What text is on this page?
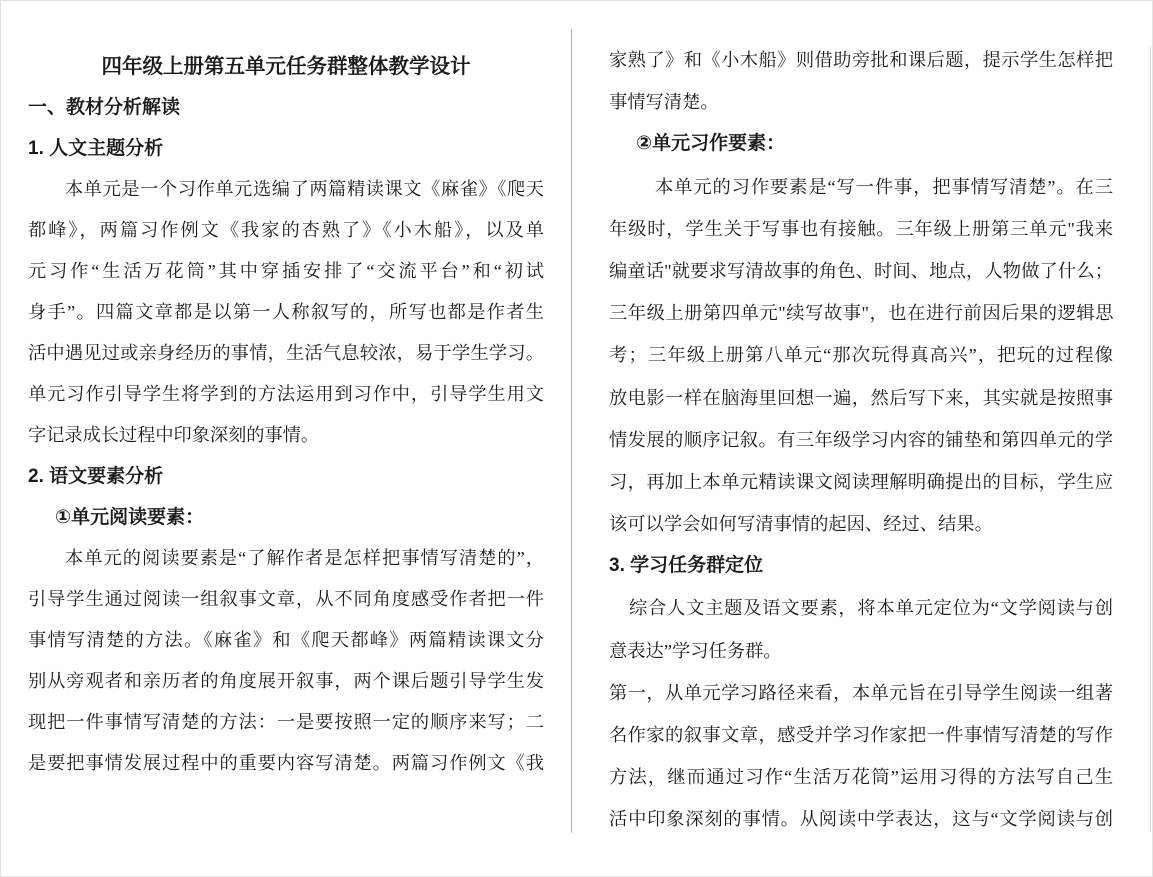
四年级上册第五单元任务群整体教学设计
一、教材分析解读
1. 人文主题分析
本单元是一个习作单元选编了两篇精读课文《麻雀》《爬天
都峰》，两篇习作例文《我家的杏熟了》《小木船》，以及单
元习作“生活万花筒”其中穿插安排了“交流平台”和“初试
身手”。四篇文章都是以第一人称叙写的，所写也都是作者生
活中遇见过或亲身经历的事情，生活气息较浓，易于学生学习。
单元习作引导学生将学到的方法运用到习作中，引导学生用文
字记录成长过程中印象深刻的事情。
2. 语文要素分析
①单元阅读要素：
本单元的阅读要素是“了解作者是怎样把事情写清楚的”，
引导学生通过阅读一组叙事文章，从不同角度感受作者把一件
事情写清楚的方法。《麻雀》和《爬天都峰》两篇精读课文分
别从旁观者和亲历者的角度展开叙事，两个课后题引导学生发
现把一件事情写清楚的方法：一是要按照一定的顺序来写；二
是要把事情发展过程中的重要内容写清楚。两篇习作例文《我
家熟了》和《小木船》则借助旁批和课后题，提示学生怎样把
事情写清楚。
②单元习作要素：
本单元的习作要素是“写一件事，把事情写清楚”。在三
年级时，学生关于写事也有接触。三年级上册第三单元"我来
编童话"就要求写清故事的角色、时间、地点，人物做了什么；
三年级上册第四单元"续写故事"，也在进行前因后果的逻辑思
考；三年级上册第八单元“那次玩得真高兴”，把玩的过程像
放电影一样在脑海里回想一遍，然后写下来，其实就是按照事
情发展的顺序记叙。有三年级学习内容的铺垫和第四单元的学
习，再加上本单元精读课文阅读理解明确提出的目标，学生应
该可以学会如何写清事情的起因、经过、结果。
3. 学习任务群定位
综合人文主题及语文要素，将本单元定位为“文学阅读与创
意表达”学习任务群。
第一，从单元学习路径来看，本单元旨在引导学生阅读一组著
名作家的叙事文章，感受并学习作家把一件事情写清楚的写作
方法，继而通过习作“生活万花筒”运用习得的方法写自己生
活中印象深刻的事情。从阅读中学表达，这与“文学阅读与创
